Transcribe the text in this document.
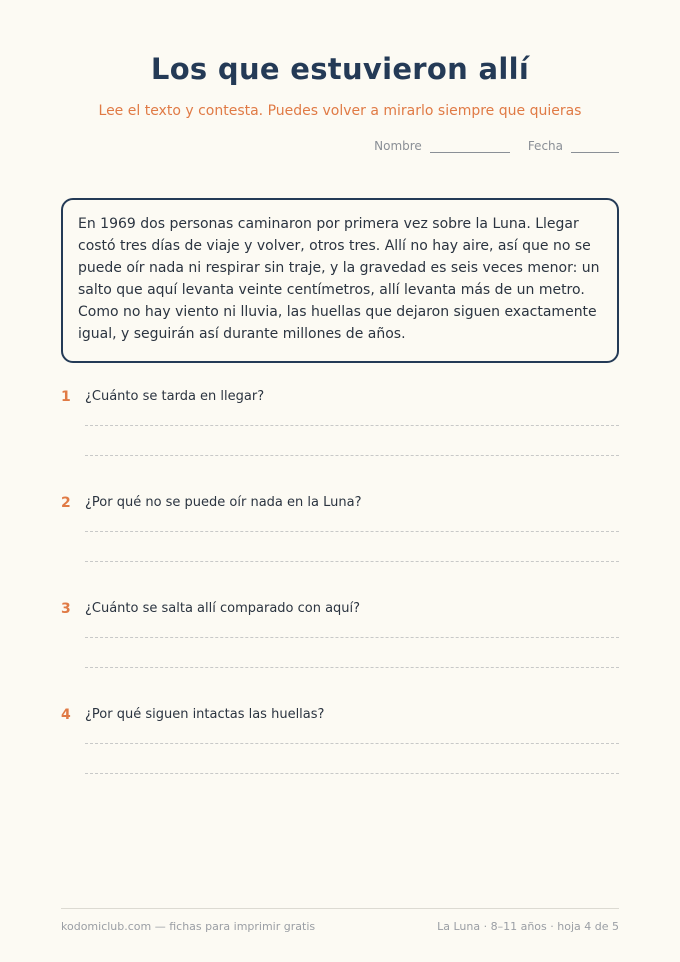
Los que estuvieron allí
Lee el texto y contesta. Puedes volver a mirarlo siempre que quieras
Nombre	Fecha
En 1969 dos personas caminaron por primera vez sobre la Luna. Llegar costó tres días de viaje y volver, otros tres. Allí no hay aire, así que no se puede oír nada ni respirar sin traje, y la gravedad es seis veces menor: un salto que aquí levanta veinte centímetros, allí levanta más de un metro. Como no hay viento ni lluvia, las huellas que dejaron siguen exactamente igual, y seguirán así durante millones de años.
1 ¿Cuánto se tarda en llegar?
2 ¿Por qué no se puede oír nada en la Luna?
3 ¿Cuánto se salta allí comparado con aquí?
4 ¿Por qué siguen intactas las huellas?
kodomiclub.com — fichas para imprimir gratis	La Luna · 8–11 años · hoja 4 de 5
